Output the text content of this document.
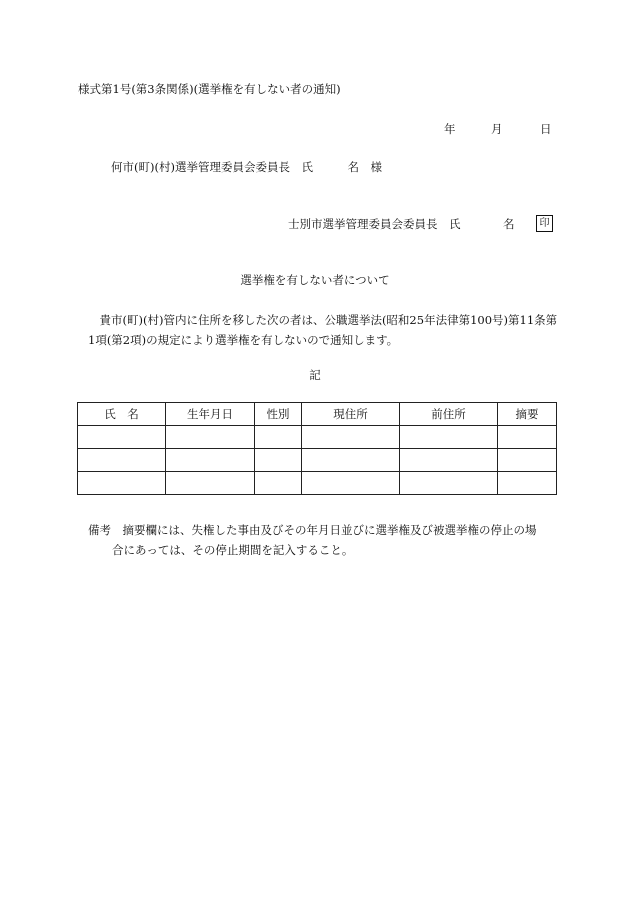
様式第1号(第3条関係)(選挙権を有しない者の通知)
年	月	日
何市(町)(村)選挙管理委員会委員長　氏　　　名　様
士別市選挙管理委員会委員長　氏	名	印
選挙権を有しない者について
貴市(町)(村)管内に住所を移した次の者は、公職選挙法(昭和25年法律第100号)第11条第1項(第2項)の規定により選挙権を有しないので通知します。
記
氏　名	生年月日	性別	現住所	前住所	摘要

備考　摘要欄には、失権した事由及びその年月日並びに選挙権及び被選挙権の停止の場
合にあっては、その停止期間を記入すること。
